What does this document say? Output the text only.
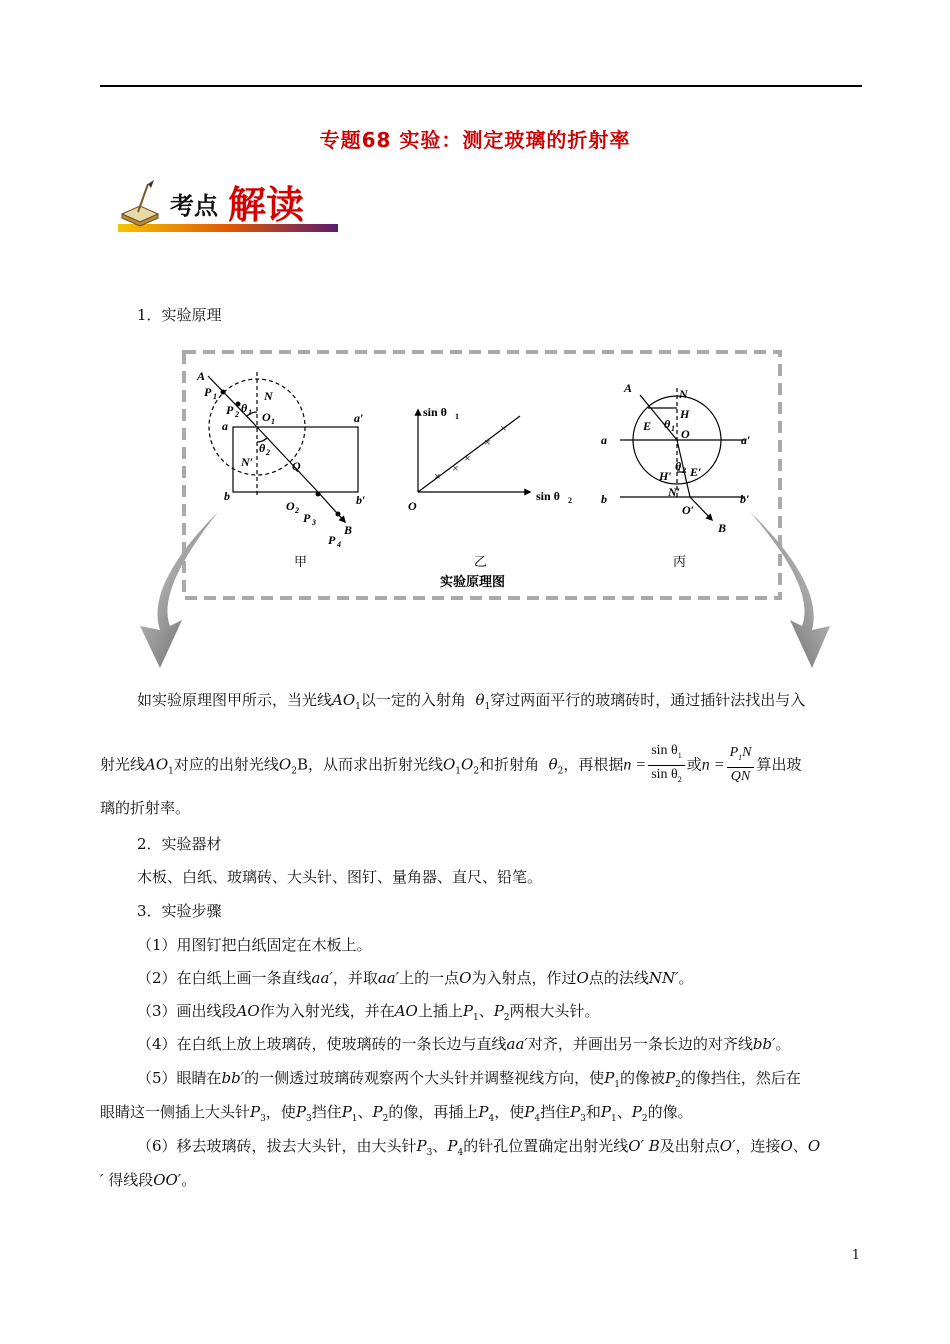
专题68 实验：测定玻璃的折射率
考点 解读
1．实验原理
A
P 1	N
P 2 θ 1 O 1
a
a′
θ 2
N′	Q
b	b′
O 2
P 3
B
P 4
甲
×
×
×
×
×
sin θ 1
sin θ 2
O
乙
A	N
H
E θ 1 O
a	a′
H′
θ 2 E′
N′
b	b′
O′
B
丙
实验原理图
如实验原理图甲所示，当光线$AO_1$以一定的入射角 $\theta_1$穿过两面平行的玻璃砖时，通过插针法找出与入
射光线$AO_1$对应的出射光线$O_2B$，从而求出折射光线$O_1O_2$和折射角 $\theta_2$，再根据$n = \frac{\sin \theta_1}{\sin \theta_2}$ 或$n = \frac{P_1N}{QN}$ 算出玻
璃的折射率。
2．实验器材
木板、白纸、玻璃砖、大头针、图钉、量角器、直尺、铅笔。
3．实验步骤
（1）用图钉把白纸固定在木板上。
（2）在白纸上画一条直线aa′，并取aa′上的一点O为入射点，作过O点的法线NN′。
（3）画出线段AO作为入射光线，并在AO上插上$P_1$、$P_2$两根大头针。
（4）在白纸上放上玻璃砖，使玻璃砖的一条长边与直线aa′对齐，并画出另一条长边的对齐线bb′。
（5）眼睛在bb′的一侧透过玻璃砖观察两个大头针并调整视线方向，使$P_1$的像被$P_2$的像挡住，然后在
眼睛这一侧插上大头针$P_3$，使$P_3$挡住$P_1$、$P_2$的像，再插上$P_4$，使$P_4$挡住$P_3$和$P_1$、$P_2$的像。
（6）移去玻璃砖，拔去大头针，由大头针$P_3$、$P_4$的针孔位置确定出射光线O′ B及出射点O′，连接O、O
′ 得线段OO′。
1
